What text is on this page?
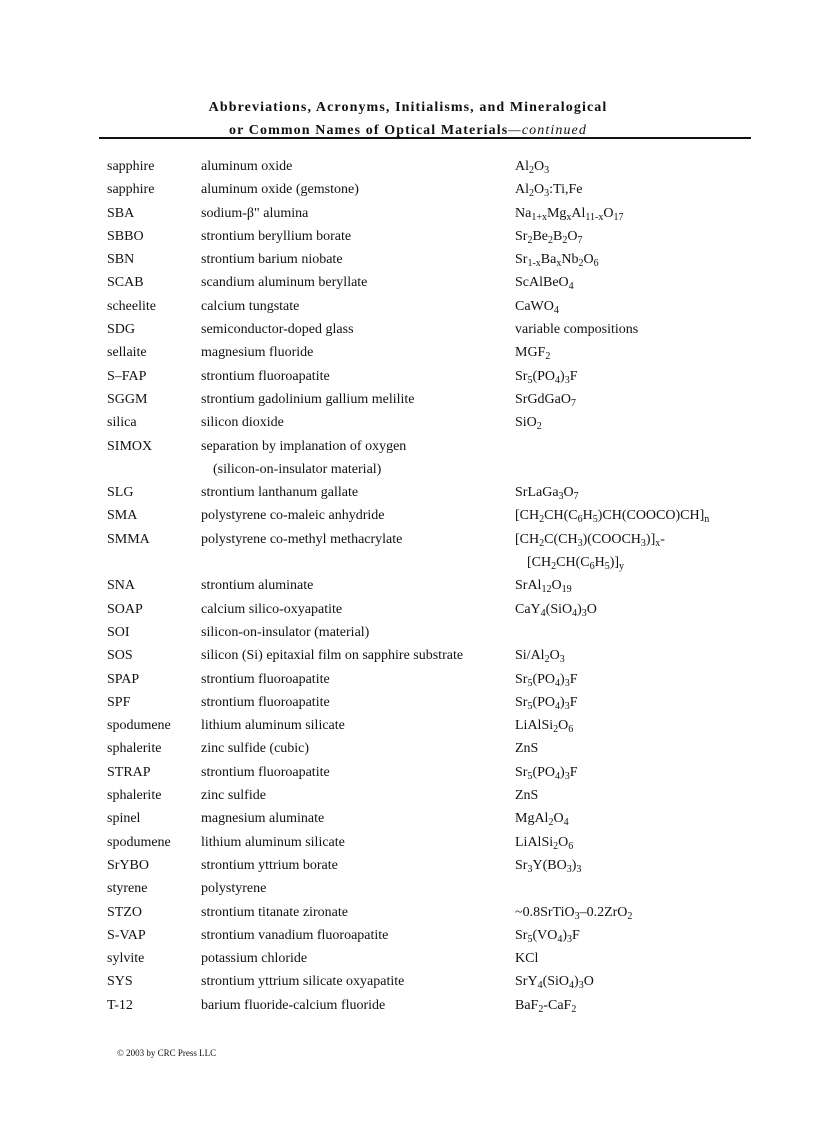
Abbreviations, Acronyms, Initialisms, and Mineralogical
or Common Names of Optical Materials—continued
sapphire	aluminum oxide	$Al_2O_3$
sapphire	aluminum oxide (gemstone)	$Al_2O_3:Ti,Fe$
SBA	sodium-β" alumina	$Na_{1+x}Mg_xAl_{11-x}O_{17}$
SBBO	strontium beryllium borate	$Sr_2Be_2B_2O_7$
SBN	strontium barium niobate	$Sr_{1-x}Ba_xNb_2O_6$
SCAB	scandium aluminum beryllate	ScAlBeO$_4$
scheelite	calcium tungstate	CaWO$_4$
SDG	semiconductor-doped glass	variable compositions
sellaite	magnesium fluoride	$MGF_2$
S–FAP	strontium fluoroapatite	$Sr_5(PO_4)_3F$
SGGM	strontium gadolinium gallium melilite	SrGdGaO$_7$
silica	silicon dioxide	SiO$_2$
SIMOX	separation by implanation of oxygen	
	(silicon-on-insulator material)	
SLG	strontium lanthanum gallate	$SrLaGa_3O_7$
SMA	polystyrene co-maleic anhydride	$[CH_2CH(C_6H_5)CH(COOCO)CH]_n$
SMMA	polystyrene co-methyl methacrylate	$[CH_2C(CH_3)(COOCH_3)]_x-$
		$[CH_2CH(C_6H_5)]_y$
SNA	strontium aluminate	$SrAl_{12}O_{19}$
SOAP	calcium silico-oxyapatite	$CaY_4(SiO_4)_3O$
SOI	silicon-on-insulator (material)	
SOS	silicon (Si) epitaxial film on sapphire substrate	$Si/Al_2O_3$
SPAP	strontium fluoroapatite	$Sr_5(PO_4)_3F$
SPF	strontium fluoroapatite	$Sr_5(PO_4)_3F$
spodumene	lithium aluminum silicate	$LiAlSi_2O_6$
sphalerite	zinc sulfide (cubic)	ZnS
STRAP	strontium fluoroapatite	$Sr_5(PO_4)_3F$
sphalerite	zinc sulfide	ZnS
spinel	magnesium aluminate	$MgAl_2O_4$
spodumene	lithium aluminum silicate	$LiAlSi_2O_6$
SrYBO	strontium yttrium borate	$Sr_3Y(BO_3)_3$
styrene	polystyrene	
STZO	strontium titanate zironate	~0.8SrTiO$_3$–0.2ZrO$_2$
S-VAP	strontium vanadium fluoroapatite	$Sr_5(VO_4)_3F$
sylvite	potassium chloride	KCl
SYS	strontium yttrium silicate oxyapatite	$SrY_4(SiO_4)_3O$
T-12	barium fluoride-calcium fluoride	BaF$_2$-CaF$_2$
© 2003 by CRC Press LLC
